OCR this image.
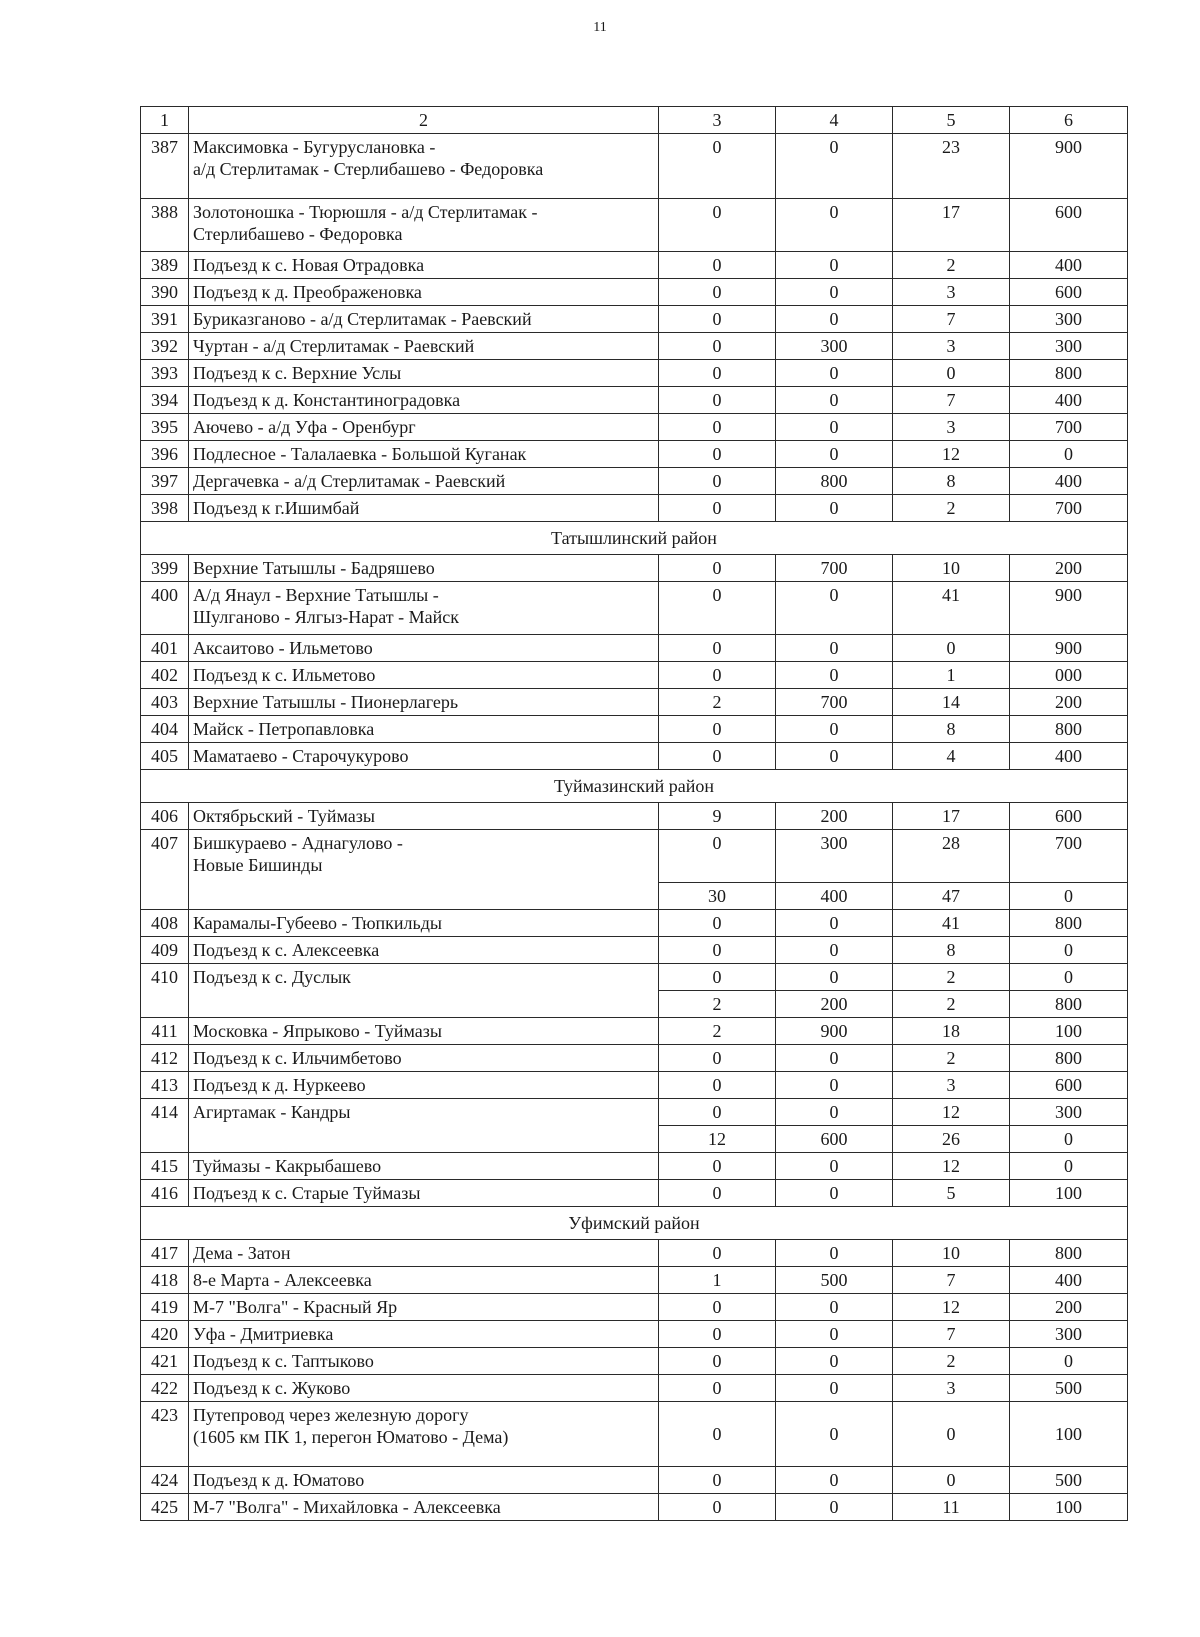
11
1	2	3	4	5	6
387	Максимовка - Бугуруслановка -
а/д Стерлитамак - Стерлибашево - Федоровка	0	0	23	900
388	Золотоношка - Тюрюшля - а/д Стерлитамак -
Стерлибашево - Федоровка	0	0	17	600
389	Подъезд к с. Новая Отрадовка	0	0	2	400
390	Подъезд к д. Преображеновка	0	0	3	600
391	Буриказганово - а/д Стерлитамак - Раевский	0	0	7	300
392	Чуртан - а/д Стерлитамак - Раевский	0	300	3	300
393	Подъезд к с. Верхние Услы	0	0	0	800
394	Подъезд к д. Константиноградовка	0	0	7	400
395	Аючево - а/д Уфа - Оренбург	0	0	3	700
396	Подлесное - Талалаевка - Большой Куганак	0	0	12	0
397	Дергачевка - а/д Стерлитамак - Раевский	0	800	8	400
398	Подъезд к г.Ишимбай	0	0	2	700
Татышлинский район					
399	Верхние Татышлы - Бадряшево	0	700	10	200
400	А/д Янаул - Верхние Татышлы -
Шулганово - Ялгыз-Нарат - Майск	0	0	41	900
401	Аксаитово - Ильметово	0	0	0	900
402	Подъезд к с. Ильметово	0	0	1	000
403	Верхние Татышлы - Пионерлагерь	2	700	14	200
404	Майск - Петропавловка	0	0	8	800
405	Маматаево - Старочукурово	0	0	4	400
Туймазинский район					
406	Октябрьский - Туймазы	9	200	17	600
407	Бишкураево - Аднагулово -
Новые Бишинды	0	300	28	700
		30	400	47	0
408	Карамалы-Губеево - Тюпкильды	0	0	41	800
409	Подъезд к с. Алексеевка	0	0	8	0
410	Подъезд к с. Дуслык	0	0	2	0
		2	200	2	800
411	Московка - Япрыково - Туймазы	2	900	18	100
412	Подъезд к с. Ильчимбетово	0	0	2	800
413	Подъезд к д. Нуркеево	0	0	3	600
414	Агиртамак - Кандры	0	0	12	300
		12	600	26	0
415	Туймазы - Какрыбашево	0	0	12	0
416	Подъезд к с. Старые Туймазы	0	0	5	100
Уфимский район					
417	Дема - Затон	0	0	10	800
418	8-е Марта - Алексеевка	1	500	7	400
419	М-7 "Волга" - Красный Яр	0	0	12	200
420	Уфа - Дмитриевка	0	0	7	300
421	Подъезд к с. Таптыково	0	0	2	0
422	Подъезд к с. Жуково	0	0	3	500
423	Путепровод через железную дорогу
(1605 км ПК 1, перегон Юматово - Дема)	0	0	0	100
424	Подъезд к д. Юматово	0	0	0	500
425	М-7 "Волга" - Михайловка - Алексеевка	0	0	11	100
